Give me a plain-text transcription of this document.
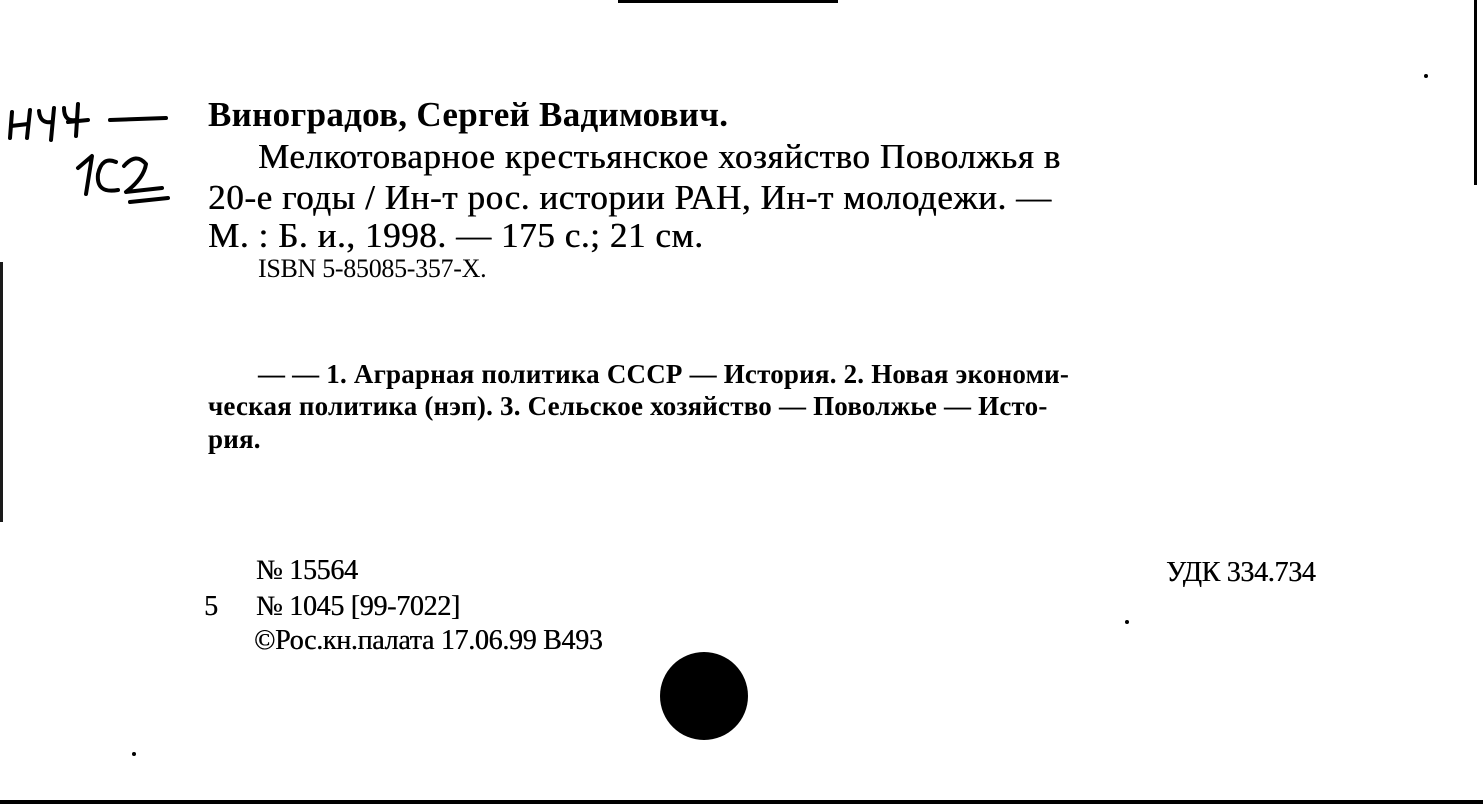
Виноградов, Сергей Вадимович.
Мелкотоварное крестьянское хозяйство Поволжья в
20-е годы / Ин-т рос. истории РАН, Ин-т молодежи. —
М. : Б. и., 1998. — 175 с.; 21 см.
ISBN 5-85085-357-X.
— — 1. Аграрная политика СССР — История. 2. Новая экономи-
ческая политика (нэп). 3. Сельское хозяйство — Поволжье — Исто-
рия.
№ 15564
5 № 1045 [99-7022]
©Рос.кн.палата 17.06.99 В493
УДК 334.734
